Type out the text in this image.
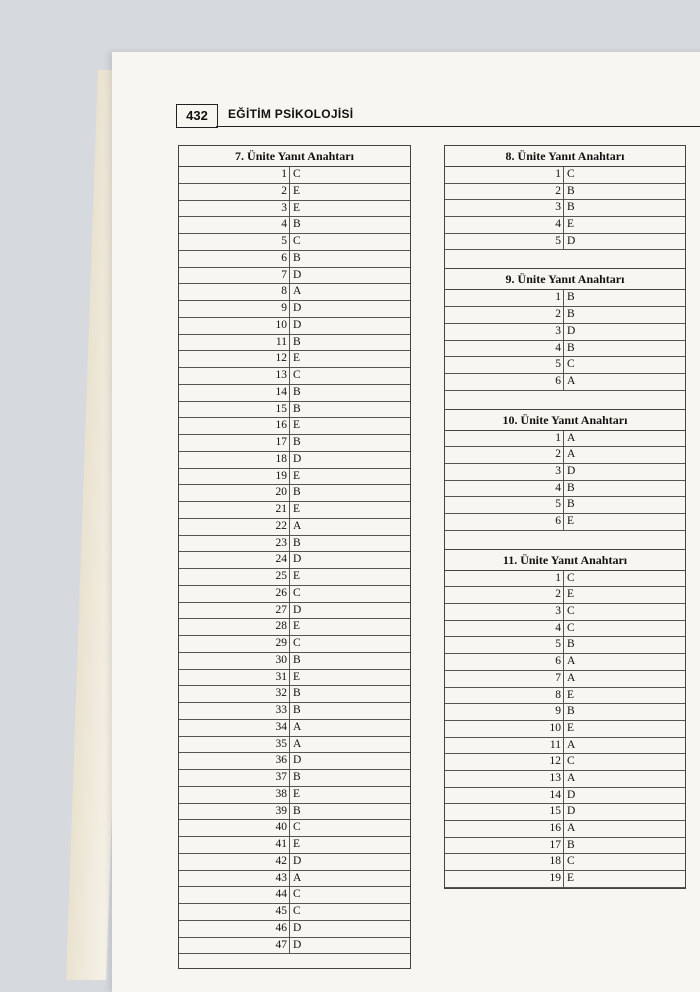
432	EĞİTİM PSİKOLOJİSİ
7. Ünite Yanıt Anahtarı
1 C
2 E
3 E
4 B
5 C
6 B
7 D
8 A
9 D
10 D
11 B
12 E
13 C
14 B
15 B
16 E
17 B
18 D
19 E
20 B
21 E
22 A
23 B
24 D
25 E
26 C
27 D
28 E
29 C
30 B
31 E
32 B
33 B
34 A
35 A
36 D
37 B
38 E
39 B
40 C
41 E
42 D
43 A
44 C
45 C
46 D
47 D
8. Ünite Yanıt Anahtarı
1 C
2 B
3 B
4 E
5 D
9. Ünite Yanıt Anahtarı
1 B
2 B
3 D
4 B
5 C
6 A
10. Ünite Yanıt Anahtarı
1 A
2 A
3 D
4 B
5 B
6 E
11. Ünite Yanıt Anahtarı
1 C
2 E
3 C
4 C
5 B
6 A
7 A
8 E
9 B
10 E
11 A
12 C
13 A
14 D
15 D
16 A
17 B
18 C
19 E
